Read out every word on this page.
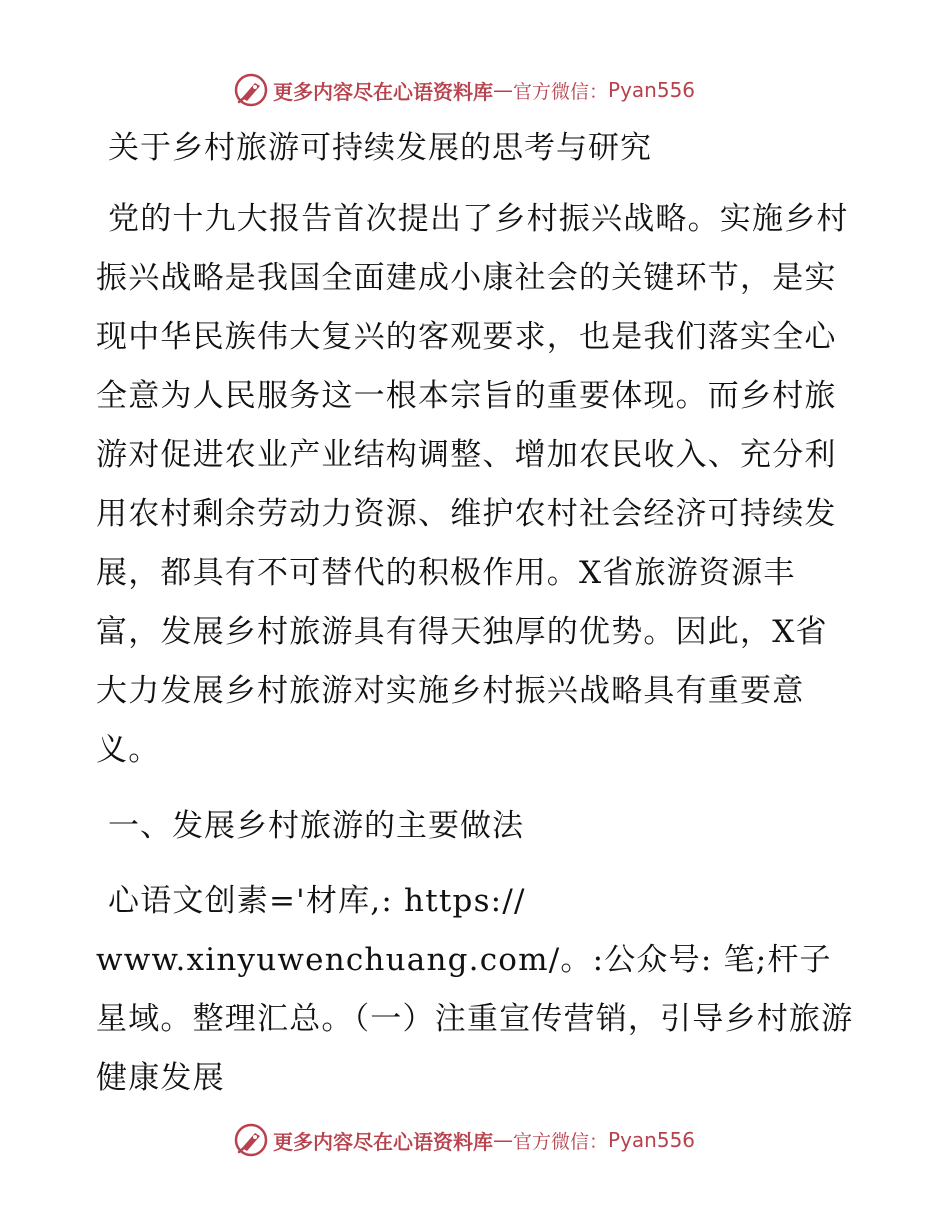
更多内容尽在心语资料库 — 官方微信： Pyan556
关于乡村旅游可持续发展的思考与研究
党的十九大报告首次提出了乡村振兴战略。实施乡村振兴战略是我国全面建成小康社会的关键环节，是实现中华民族伟大复兴的客观要求，也是我们落实全心全意为人民服务这一根本宗旨的重要体现。而乡村旅游对促进农业产业结构调整、增加农民收入、充分利用农村剩余劳动力资源、维护农村社会经济可持续发展，都具有不可替代的积极作用。X省旅游资源丰富，发展乡村旅游具有得天独厚的优势。因此，X省大力发展乡村旅游对实施乡村振兴战略具有重要意义。
一、发展乡村旅游的主要做法
心语文创素='材库,: https://
www.xinyuwenchuang.com/。:公众号: 笔;杆子星域。整理汇总。（一）注重宣传营销，引导乡村旅游健康发展
更多内容尽在心语资料库 — 官方微信： Pyan556
